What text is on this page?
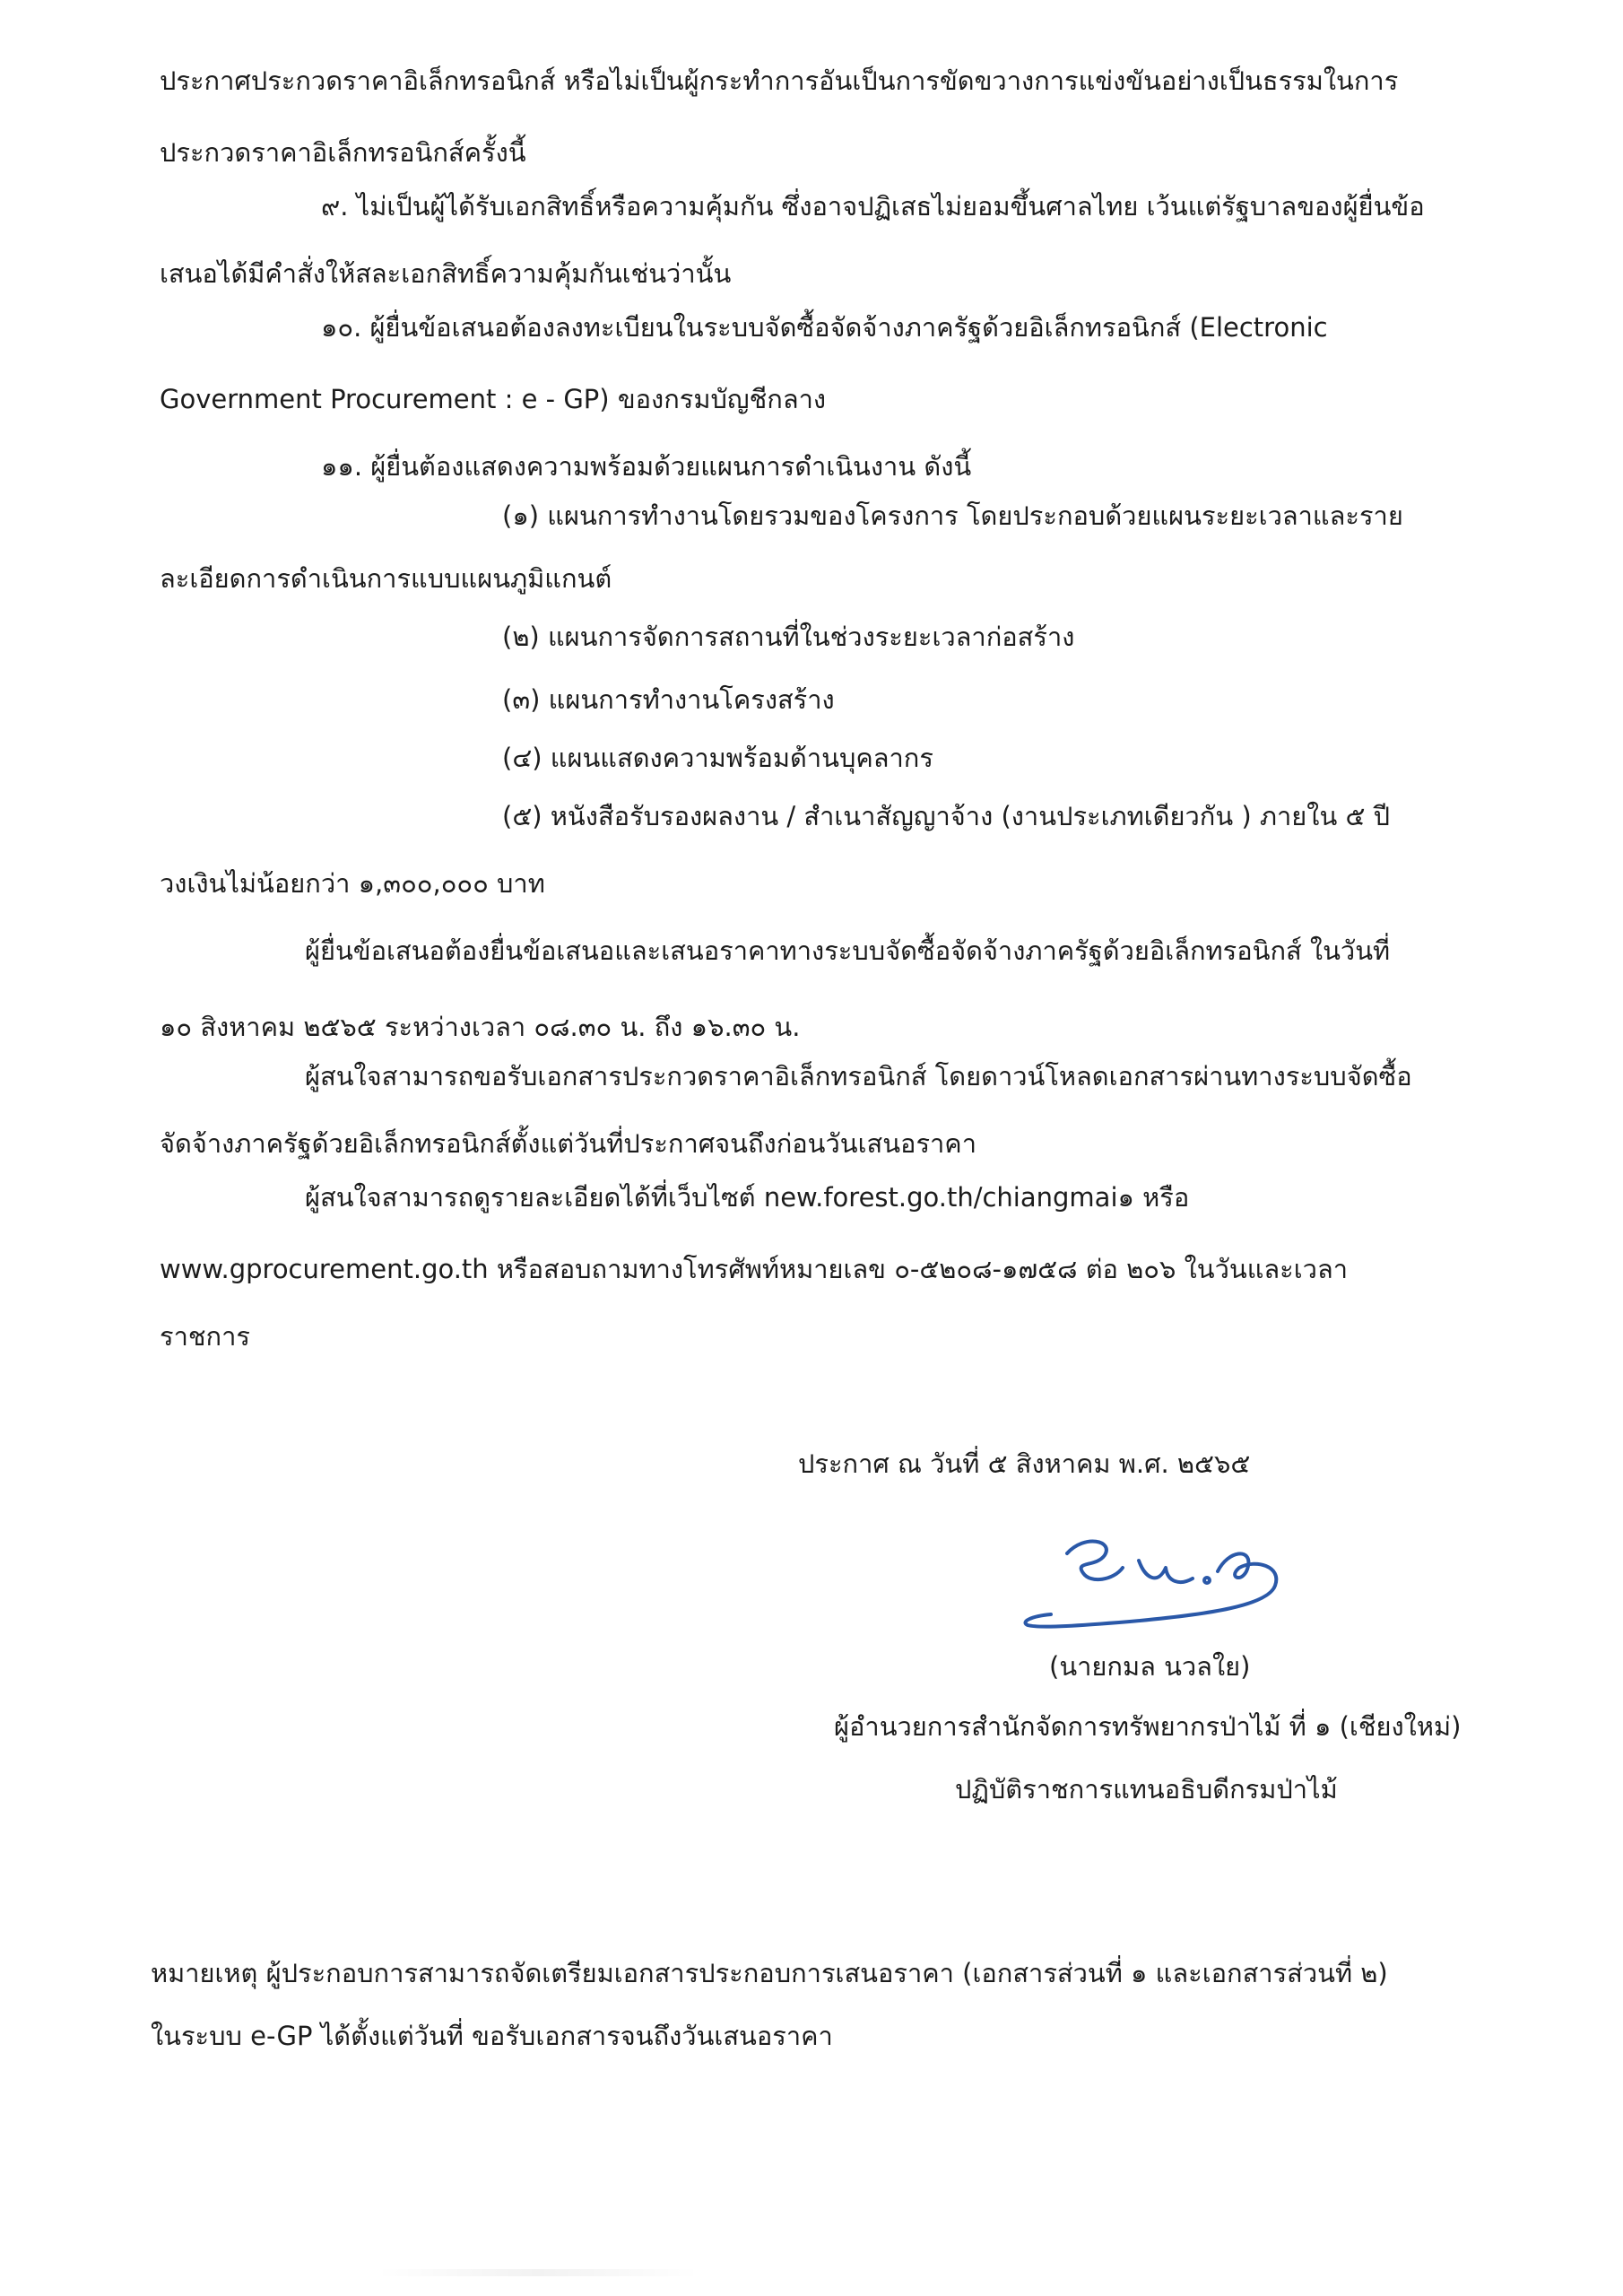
ประกาศประกวดราคาอิเล็กทรอนิกส์ หรือไม่เป็นผู้กระทำการอันเป็นการขัดขวางการแข่งขันอย่างเป็นธรรมในการ
ประกวดราคาอิเล็กทรอนิกส์ครั้งนี้
๙. ไม่เป็นผู้ได้รับเอกสิทธิ์หรือความคุ้มกัน ซึ่งอาจปฏิเสธไม่ยอมขึ้นศาลไทย เว้นแต่รัฐบาลของผู้ยื่นข้อ
เสนอได้มีคำสั่งให้สละเอกสิทธิ์ความคุ้มกันเช่นว่านั้น
๑๐. ผู้ยื่นข้อเสนอต้องลงทะเบียนในระบบจัดซื้อจัดจ้างภาครัฐด้วยอิเล็กทรอนิกส์ (Electronic
Government Procurement : e - GP) ของกรมบัญชีกลาง
๑๑. ผู้ยื่นต้องแสดงความพร้อมด้วยแผนการดำเนินงาน ดังนี้
(๑) แผนการทำงานโดยรวมของโครงการ โดยประกอบด้วยแผนระยะเวลาและราย
ละเอียดการดำเนินการแบบแผนภูมิแกนต์
(๒) แผนการจัดการสถานที่ในช่วงระยะเวลาก่อสร้าง
(๓) แผนการทำงานโครงสร้าง
(๔) แผนแสดงความพร้อมด้านบุคลากร
(๕) หนังสือรับรองผลงาน / สำเนาสัญญาจ้าง (งานประเภทเดียวกัน ) ภายใน ๕ ปี
วงเงินไม่น้อยกว่า ๑,๓๐๐,๐๐๐ บาท
ผู้ยื่นข้อเสนอต้องยื่นข้อเสนอและเสนอราคาทางระบบจัดซื้อจัดจ้างภาครัฐด้วยอิเล็กทรอนิกส์ ในวันที่
๑๐ สิงหาคม ๒๕๖๕ ระหว่างเวลา ๐๘.๓๐ น. ถึง ๑๖.๓๐ น.
ผู้สนใจสามารถขอรับเอกสารประกวดราคาอิเล็กทรอนิกส์ โดยดาวน์โหลดเอกสารผ่านทางระบบจัดซื้อ
จัดจ้างภาครัฐด้วยอิเล็กทรอนิกส์ตั้งแต่วันที่ประกาศจนถึงก่อนวันเสนอราคา
ผู้สนใจสามารถดูรายละเอียดได้ที่เว็บไซต์ new.forest.go.th/chiangmai๑ หรือ
www.gprocurement.go.th หรือสอบถามทางโทรศัพท์หมายเลข ๐-๕๒๐๘-๑๗๕๘ ต่อ ๒๐๖ ในวันและเวลา
ราชการ
ประกาศ ณ วันที่ ๕ สิงหาคม พ.ศ. ๒๕๖๕
(นายกมล นวลใย)
ผู้อำนวยการสำนักจัดการทรัพยากรป่าไม้ ที่ ๑ (เชียงใหม่)
ปฏิบัติราชการแทนอธิบดีกรมป่าไม้
หมายเหตุ ผู้ประกอบการสามารถจัดเตรียมเอกสารประกอบการเสนอราคา (เอกสารส่วนที่ ๑ และเอกสารส่วนที่ ๒)
ในระบบ e-GP ได้ตั้งแต่วันที่ ขอรับเอกสารจนถึงวันเสนอราคา
